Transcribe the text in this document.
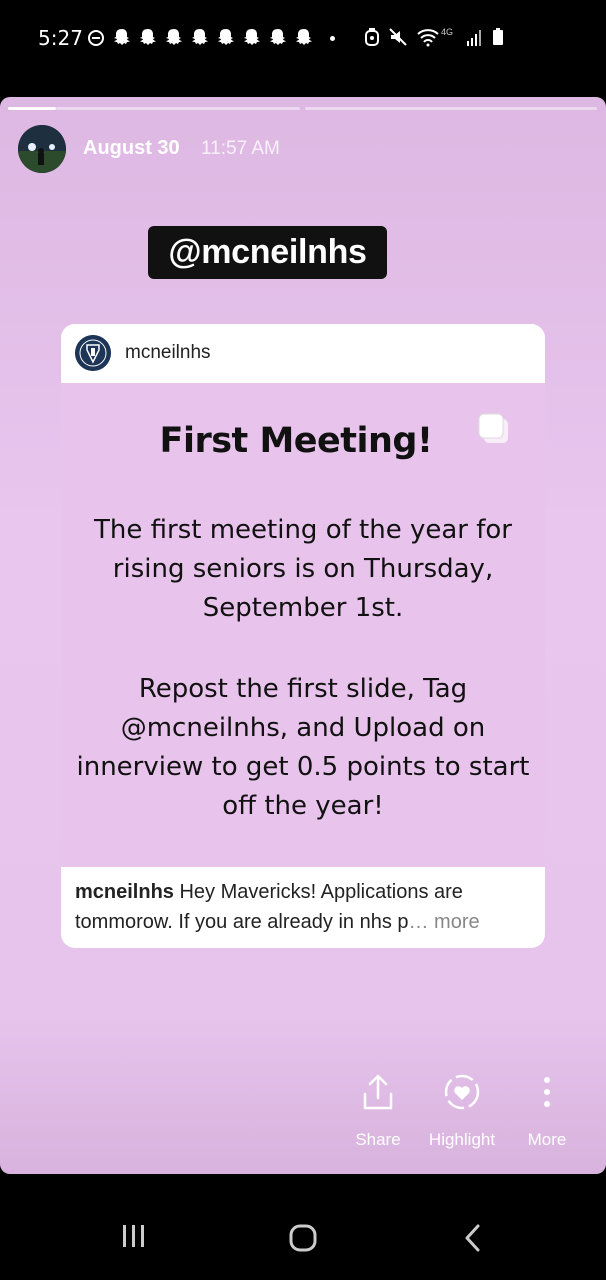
5:27	4G
August 30 11:57 AM
@mcneilnhs
mcneilnhs
First Meeting!
The first meeting of the year for rising seniors is on Thursday, September 1st.
Repost the first slide, Tag @mcneilnhs, and Upload on innerview to get 0.5 points to start off the year!
mcneilnhs Hey Mavericks! Applications are tommorow. If you are already in nhs p… more
Share	Highlight	More
